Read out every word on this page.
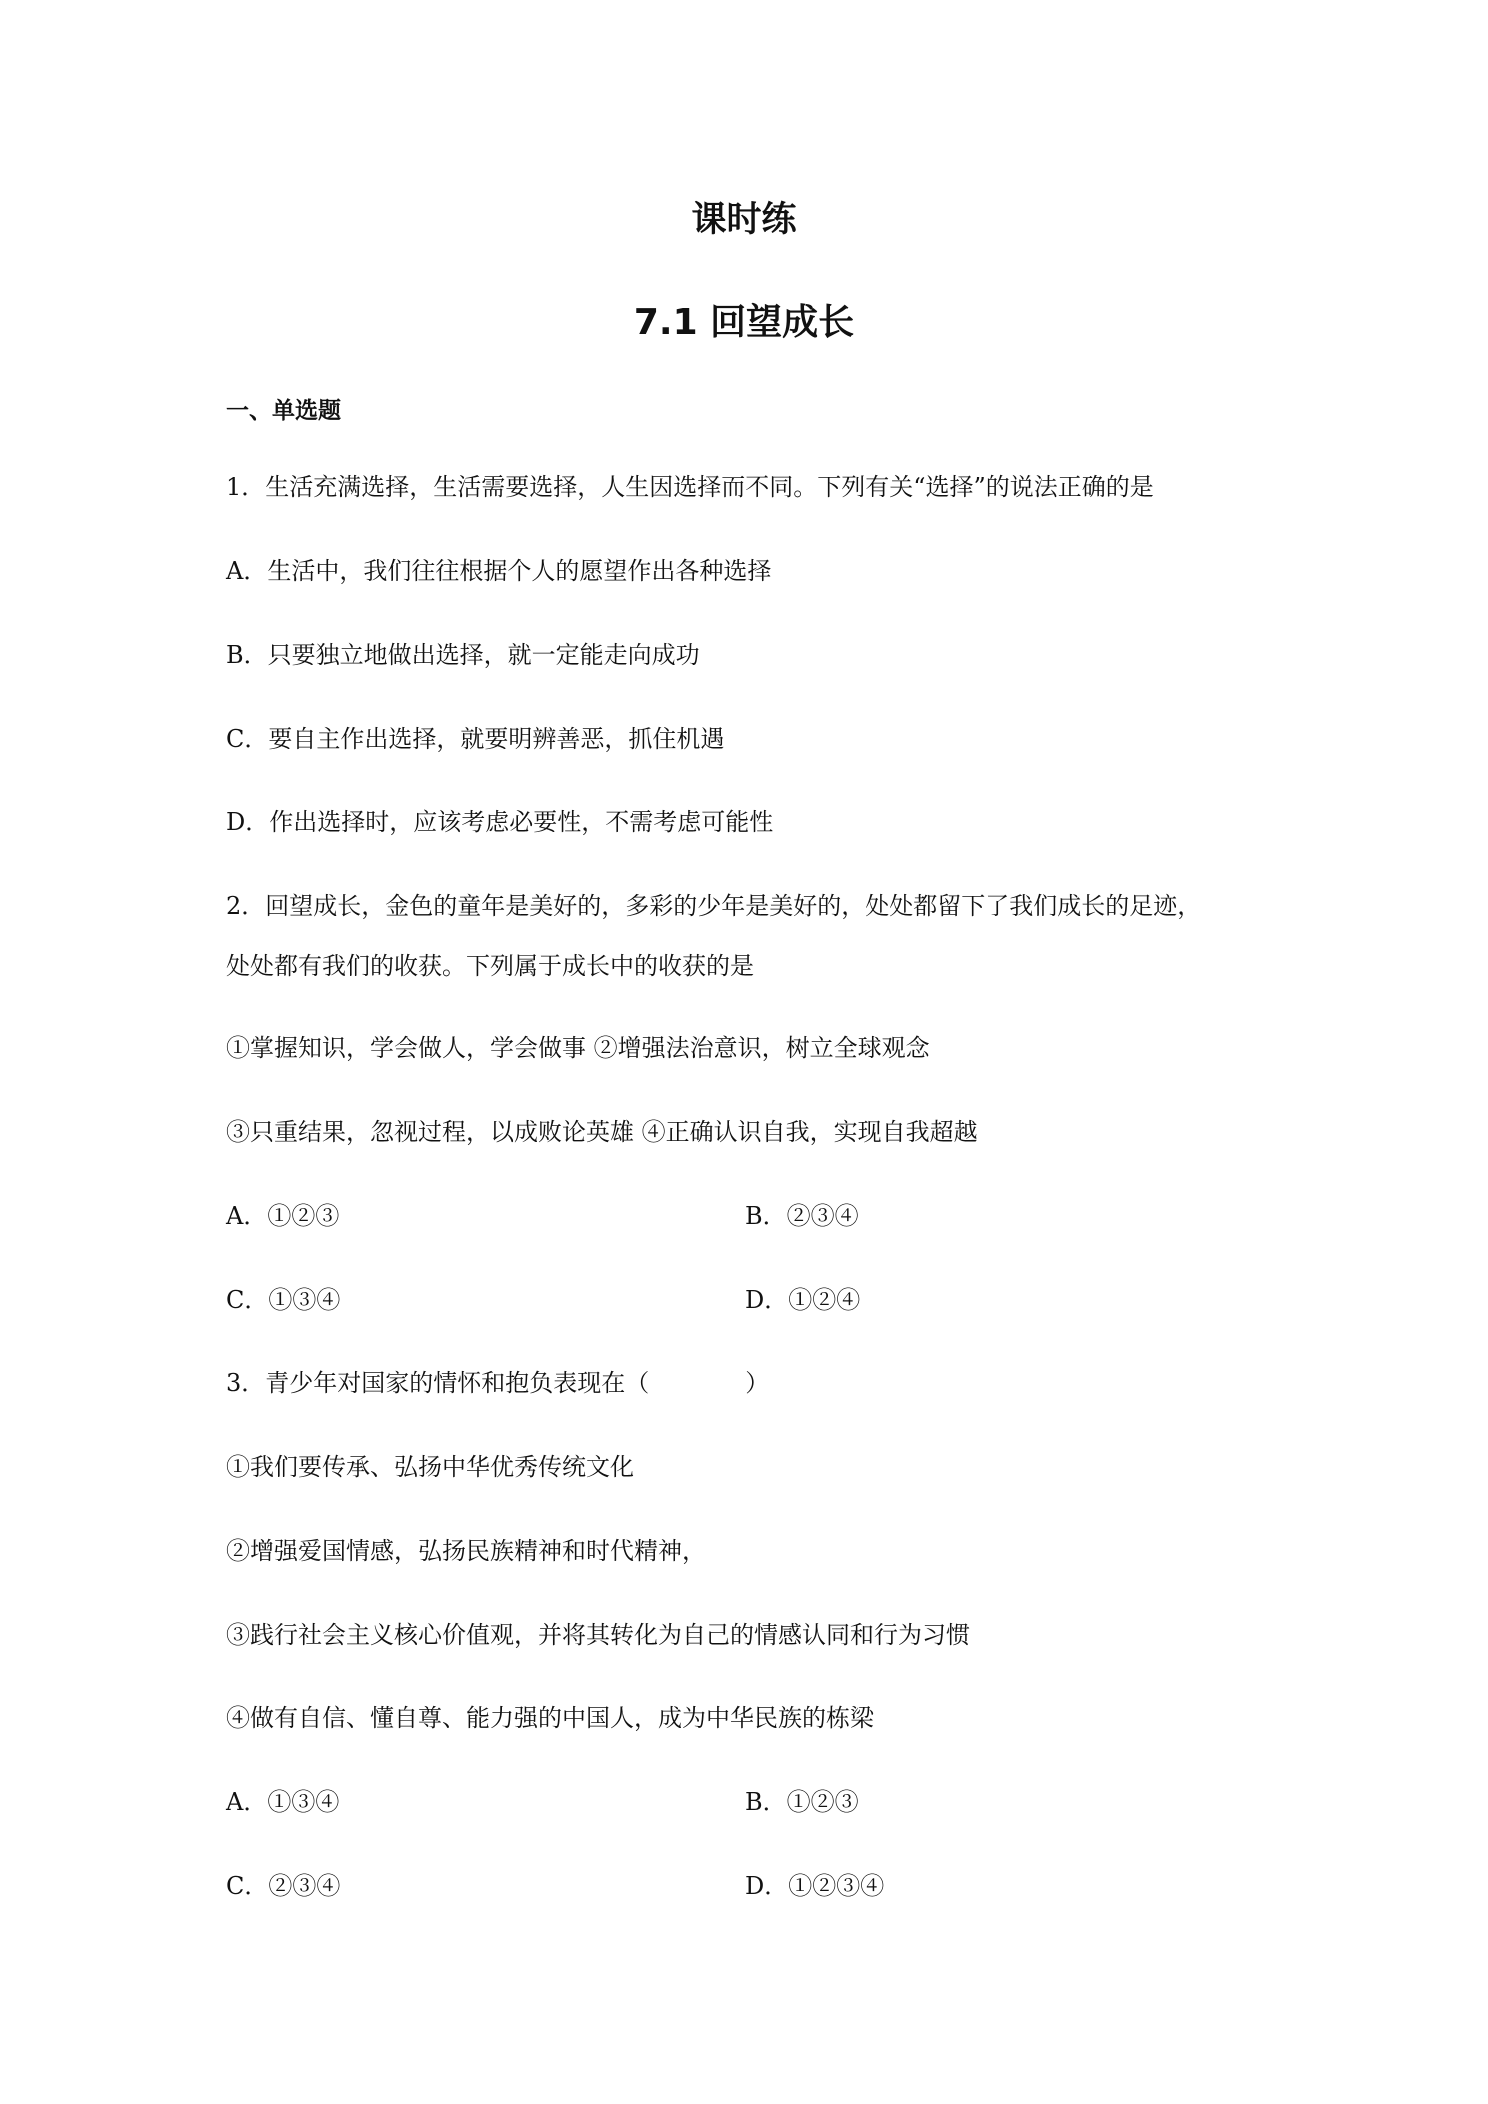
课时练
7.1 回望成长
一、单选题
1．生活充满选择，生活需要选择，人生因选择而不同。下列有关“选择”的说法正确的是
A．生活中，我们往往根据个人的愿望作出各种选择
B．只要独立地做出选择，就一定能走向成功
C．要自主作出选择，就要明辨善恶，抓住机遇
D．作出选择时，应该考虑必要性，不需考虑可能性
2．回望成长，金色的童年是美好的，多彩的少年是美好的，处处都留下了我们成长的足迹，
处处都有我们的收获。下列属于成长中的收获的是
①掌握知识，学会做人，学会做事 ②增强法治意识，树立全球观念
③只重结果，忽视过程，以成败论英雄 ④正确认识自我，实现自我超越
A．①②③	B．②③④
C．①③④	D．①②④
3．青少年对国家的情怀和抱负表现在（　　　　）
①我们要传承、弘扬中华优秀传统文化
②增强爱国情感，弘扬民族精神和时代精神，
③践行社会主义核心价值观，并将其转化为自己的情感认同和行为习惯
④做有自信、懂自尊、能力强的中国人，成为中华民族的栋梁
A．①③④	B．①②③
C．②③④	D．①②③④
